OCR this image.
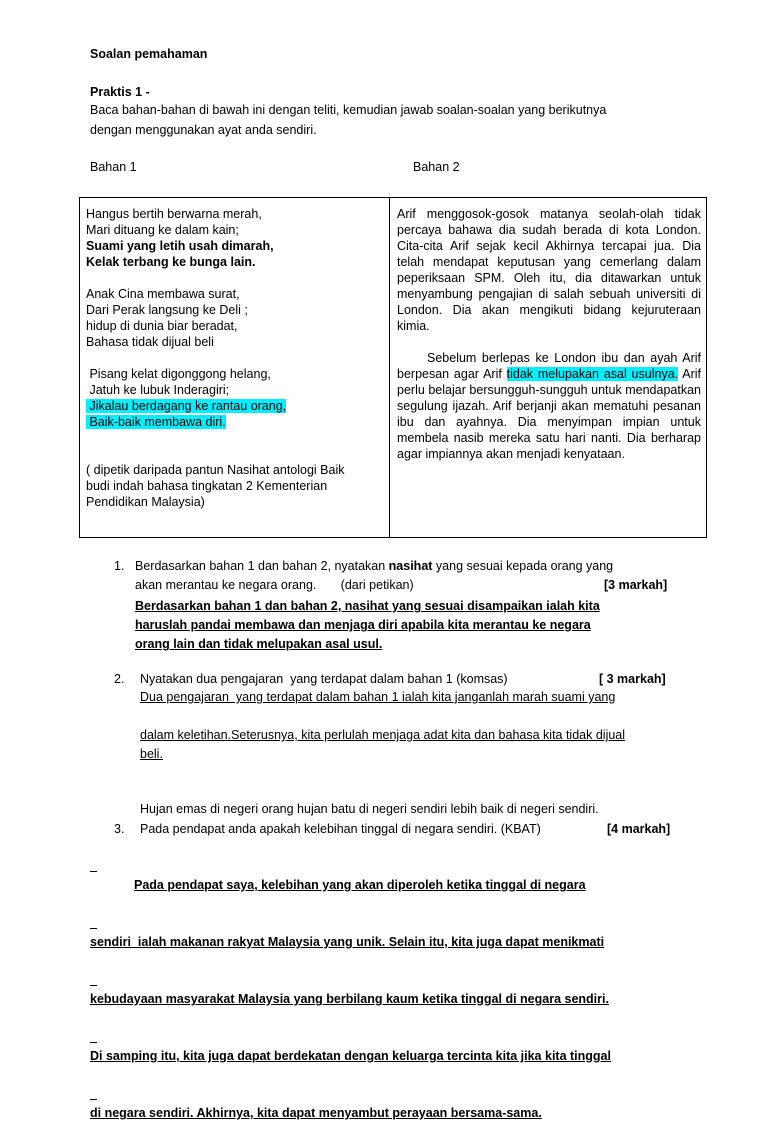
Soalan pemahaman
Praktis 1 -
Baca bahan-bahan di bawah ini dengan teliti, kemudian jawab soalan-soalan yang berikutnya
dengan menggunakan ayat anda sendiri.
Bahan 1	Bahan 2
Hangus bertih berwarna merah,
Mari dituang ke dalam kain;
Suami yang letih usah dimarah,
Kelak terbang ke bunga lain.
Anak Cina membawa surat,
Dari Perak langsung ke Deli ;
hidup di dunia biar beradat,
Bahasa tidak dijual beli
Pisang kelat digonggong helang,
Jatuh ke lubuk Inderagiri;
Jikalau berdagang ke rantau orang,
Baik-baik membawa diri.
( dipetik daripada pantun Nasihat antologi Baik
budi indah bahasa tingkatan 2 Kementerian
Pendidikan Malaysia)
Arif menggosok-gosok matanya seolah-olah tidak percaya bahawa dia sudah berada di kota London. Cita-cita Arif sejak kecil Akhirnya tercapai jua. Dia telah mendapat keputusan yang cemerlang dalam peperiksaan SPM. Oleh itu, dia ditawarkan untuk menyambung pengajian di salah sebuah universiti di London. Dia akan mengikuti bidang kejuruteraan kimia.
Sebelum berlepas ke London ibu dan ayah Arif berpesan agar Arif tidak melupakan asal usulnya. Arif perlu belajar bersungguh-sungguh untuk mendapatkan segulung ijazah. Arif berjanji akan mematuhi pesanan ibu dan ayahnya. Dia menyimpan impian untuk membela nasib mereka satu hari nanti. Dia berharap agar impiannya akan menjadi kenyataan.
1. Berdasarkan bahan 1 dan bahan 2, nyatakan nasihat yang sesuai kepada orang yang
akan merantau ke negara orang.       (dari petikan)	[3 markah]
Berdasarkan bahan 1 dan bahan 2, nasihat yang sesuai disampaikan ialah kita
haruslah pandai membawa dan menjaga diri apabila kita merantau ke negara
orang lain dan tidak melupakan asal usul.
2. Nyatakan dua pengajaran  yang terdapat dalam bahan 1 (komsas)	[ 3 markah]
Dua pengajaran  yang terdapat dalam bahan 1 ialah kita janganlah marah suami yang
dalam keletihan.Seterusnya, kita perlulah menjaga adat kita dan bahasa kita tidak dijual
beli.
Hujan emas di negeri orang hujan batu di negeri sendiri lebih baik di negeri sendiri.
3. Pada pendapat anda apakah kelebihan tinggal di negara sendiri. (KBAT)	[4 markah]

Pada pendapat saya, kelebihan yang akan diperoleh ketika tinggal di negara

sendiri  ialah makanan rakyat Malaysia yang unik. Selain itu, kita juga dapat menikmati

kebudayaan masyarakat Malaysia yang berbilang kaum ketika tinggal di negara sendiri.

Di samping itu, kita juga dapat berdekatan dengan keluarga tercinta kita jika kita tinggal

di negara sendiri. Akhirnya, kita dapat menyambut perayaan bersama-sama.
